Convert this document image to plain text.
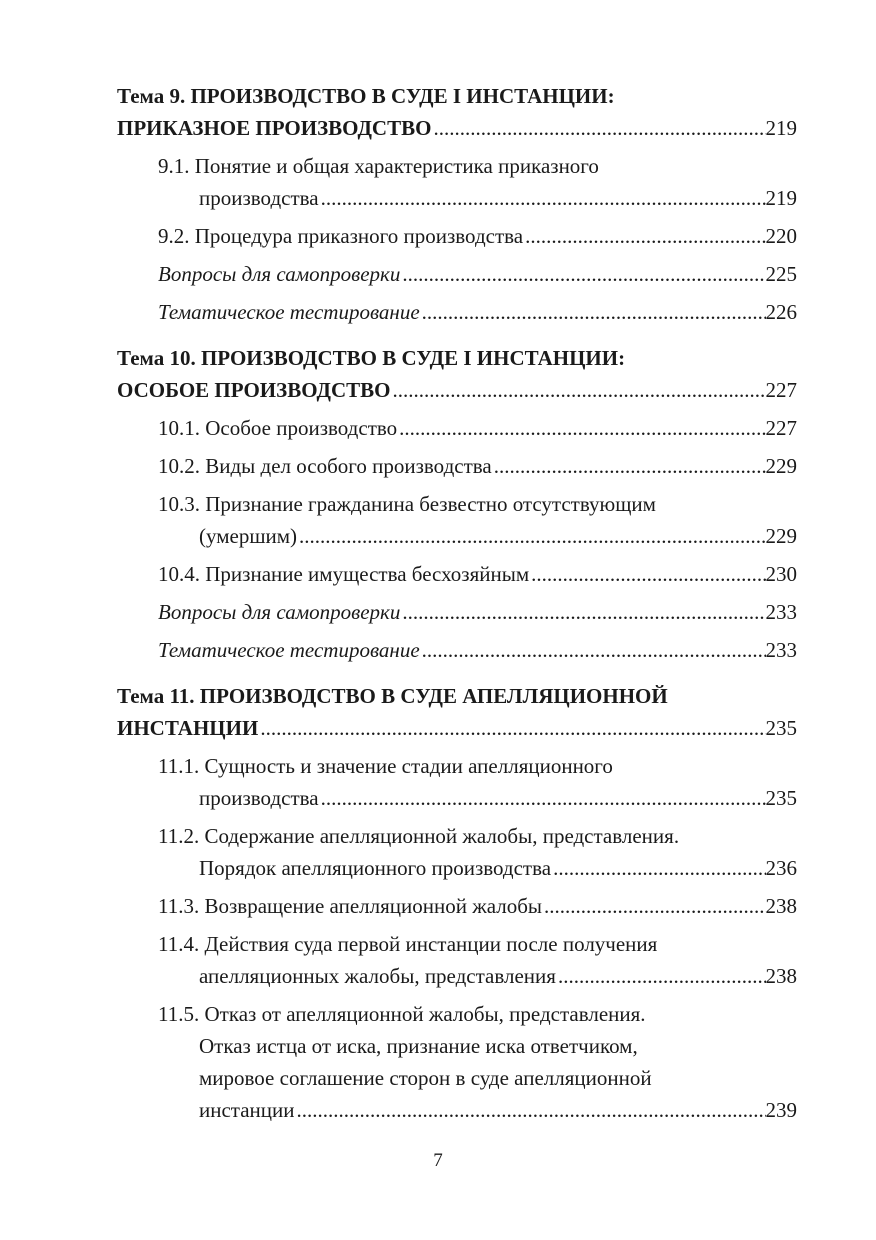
Тема 9. ПРОИЗВОДСТВО В СУДЕ I ИНСТАНЦИИ:
ПРИКАЗНОЕ ПРОИЗВОДСТВО .....	219
9.1. Понятие и общая характеристика приказного
производства .....	219
9.2. Процедура приказного производства .....	220
Вопросы для самопроверки .....	225
Тематическое тестирование .....	226
Тема 10. ПРОИЗВОДСТВО В СУДЕ I ИНСТАНЦИИ:
ОСОБОЕ ПРОИЗВОДСТВО .....	227
10.1. Особое производство .....	227
10.2. Виды дел особого производства .....	229
10.3. Признание гражданина безвестно отсутствующим
(умершим) .....	229
10.4. Признание имущества бесхозяйным .....	230
Вопросы для самопроверки .....	233
Тематическое тестирование .....	233
Тема 11. ПРОИЗВОДСТВО В СУДЕ АПЕЛЛЯЦИОННОЙ
ИНСТАНЦИИ .....	235
11.1. Сущность и значение стадии апелляционного
производства .....	235
11.2. Содержание апелляционной жалобы, представления.
Порядок апелляционного производства .....	236
11.3. Возвращение апелляционной жалобы .....	238
11.4. Действия суда первой инстанции после получения
апелляционных жалобы, представления .....	238
11.5. Отказ от апелляционной жалобы, представления.
Отказ истца от иска, признание иска ответчиком,
мировое соглашение сторон в суде апелляционной
инстанции .....	239
7
